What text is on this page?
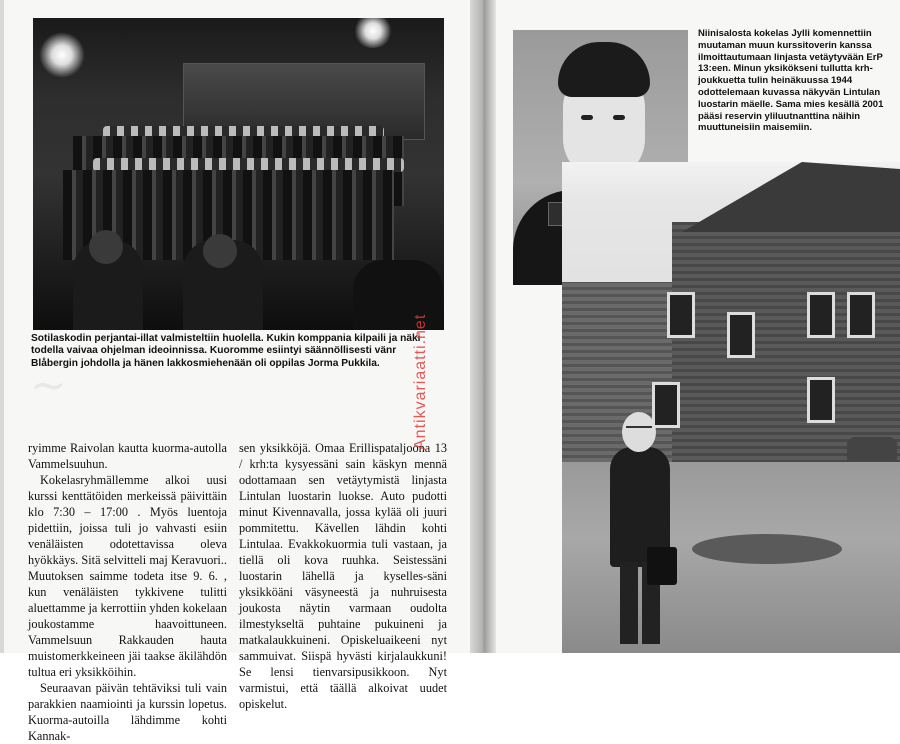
~
Sotilaskodin perjantai-illat valmisteltiin huolella. Kukin komppania kilpaili ja näki todella vaivaa ohjelman ideoinnissa. Kuoromme esiintyi säännöllisesti vänr Blåbergin johdolla ja hänen lakkosmiehenään oli oppilas Jorma Pukkila.

ryimme Raivolan kautta kuorma-autolla Vammelsuuhun.

Kokelasryhmällemme alkoi uusi kurssi kenttätöiden merkeissä päivittäin klo 7:30 – 17:00 . Myös luentoja pidettiin, joissa tuli jo vahvasti esiin venäläisten odotettavissa oleva hyökkäys. Sitä selvitteli maj Keravuori.. Muutoksen saimme todeta itse 9. 6. , kun venäläisten tykkivene tulitti aluettamme ja kerrottiin yhden kokelaan joukostamme haavoittuneen. Vammelsuun Rakkauden hauta muistomerkkeineen jäi taakse äkilähdön tultua eri yksikköihin.

Seuraavan päivän tehtäviksi tuli vain parakkien naamiointi ja kurssin lopetus. Kuorma-autoilla lähdimme kohti Kannak-

sen yksikköjä. Omaa Erillispataljoona 13 / krh:ta kysyessäni sain käskyn mennä odottamaan sen vetäytymistä linjasta Lintulan luostarin luokse. Auto pudotti minut Kivennavalla, jossa kylää oli juuri pommitettu. Kävellen lähdin kohti Lintulaa. Evakkokuormia tuli vastaan, ja tiellä oli kova ruuhka. Seistessäni luostarin lähellä ja kyselles-säni yksikköäni väsyneestä ja nuhruisesta joukosta näytin varmaan oudolta ilmestykseltä puhtaine pukuineni ja matkalaukkuineni. Opiskeluaikeeni nyt sammuivat. Siispä hyvästi kirjalaukkuni! Se lensi tienvarsipusikkoon. Nyt varmistui, että täällä alkoivat uudet opiskelut.

Antikvariaatti.net
Niinisalosta kokelas Jylli komennettiin muutaman muun kurssitoverin kanssa ilmoittautumaan linjasta vetäytyvään ErP 13:een. Minun yksikökseni tullutta krh-joukkuetta tulin heinäkuussa 1944 odottelemaan kuvassa näkyvän Lintulan luostarin mäelle. Sama mies kesällä 2001 pääsi reservin yliluutnanttina näihin muuttuneisiin maisemiin.
